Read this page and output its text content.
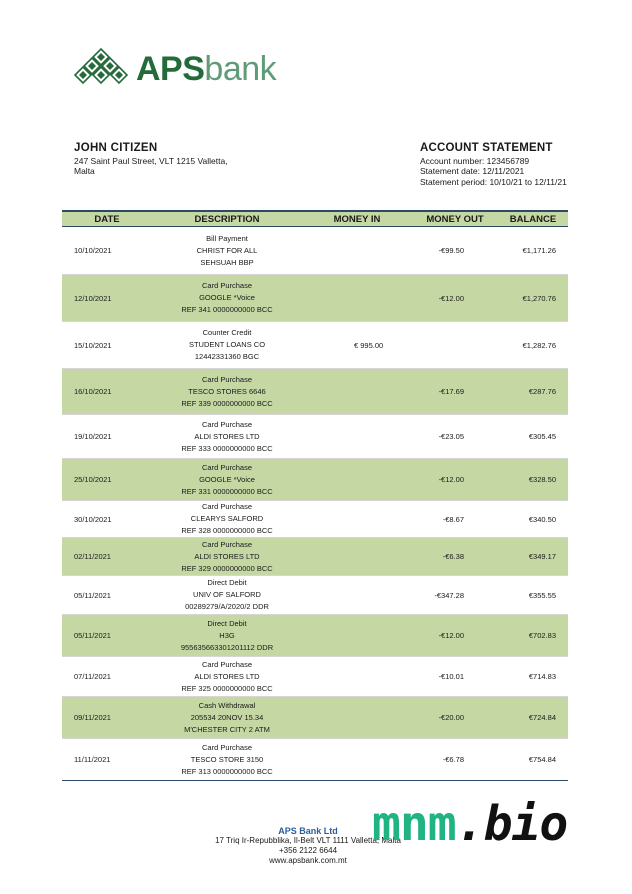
APSbank
JOHN CITIZEN
247 Saint Paul Street, VLT 1215 Valletta,
Malta
ACCOUNT STATEMENT
Account number: 123456789
Statement date: 12/11/2021
Statement period: 10/10/21 to 12/11/21
DATE	DESCRIPTION	MONEY IN	MONEY OUT	BALANCE
10/10/2021	Bill Payment
CHRIST FOR ALL
SEHSUAH BBP		-€99.50	€1,171.26
12/10/2021	Card Purchase
GOOGLE *Voice
REF 341 0000000000 BCC		-€12.00	€1,270.76
15/10/2021	Counter Credit
STUDENT LOANS CO
12442331360 BGC	€ 995.00		€1,282.76
16/10/2021	Card Purchase
TESCO STORES 6646
REF 339 0000000000 BCC		-€17.69	€287.76
19/10/2021	Card Purchase
ALDI STORES LTD
REF 333 0000000000 BCC		-€23.05	€305.45
25/10/2021	Card Purchase
GOOGLE *Voice
REF 331 0000000000 BCC		-€12.00	€328.50
30/10/2021	Card Purchase
CLEARYS SALFORD
REF 328 0000000000 BCC		-€8.67	€340.50
02/11/2021	Card Purchase
ALDI STORES LTD
REF 329 0000000000 BCC		-€6.38	€349.17
05/11/2021	Direct Debit
UNIV OF SALFORD
00289279/A/2020/2 DDR		-€347.28	€355.55
05/11/2021	Direct Debit
H3G
955635663301201112 DDR		-€12.00	€702.83
07/11/2021	Card Purchase
ALDI STORES LTD
REF 325 0000000000 BCC		-€10.01	€714.83
09/11/2021	Cash Withdrawal
205534 20NOV 15.34
M'CHESTER CITY 2 ATM		-€20.00	€724.84
11/11/2021	Card Purchase
TESCO STORE 3150
REF 313 0000000000 BCC		-€6.78	€754.84
APS Bank Ltd
17 Triq Ir-Repubblika, Il-Belt VLT 1111 Valletta, Malta
+356 2122 6644
www.apsbank.com.mt
mnm.bio
